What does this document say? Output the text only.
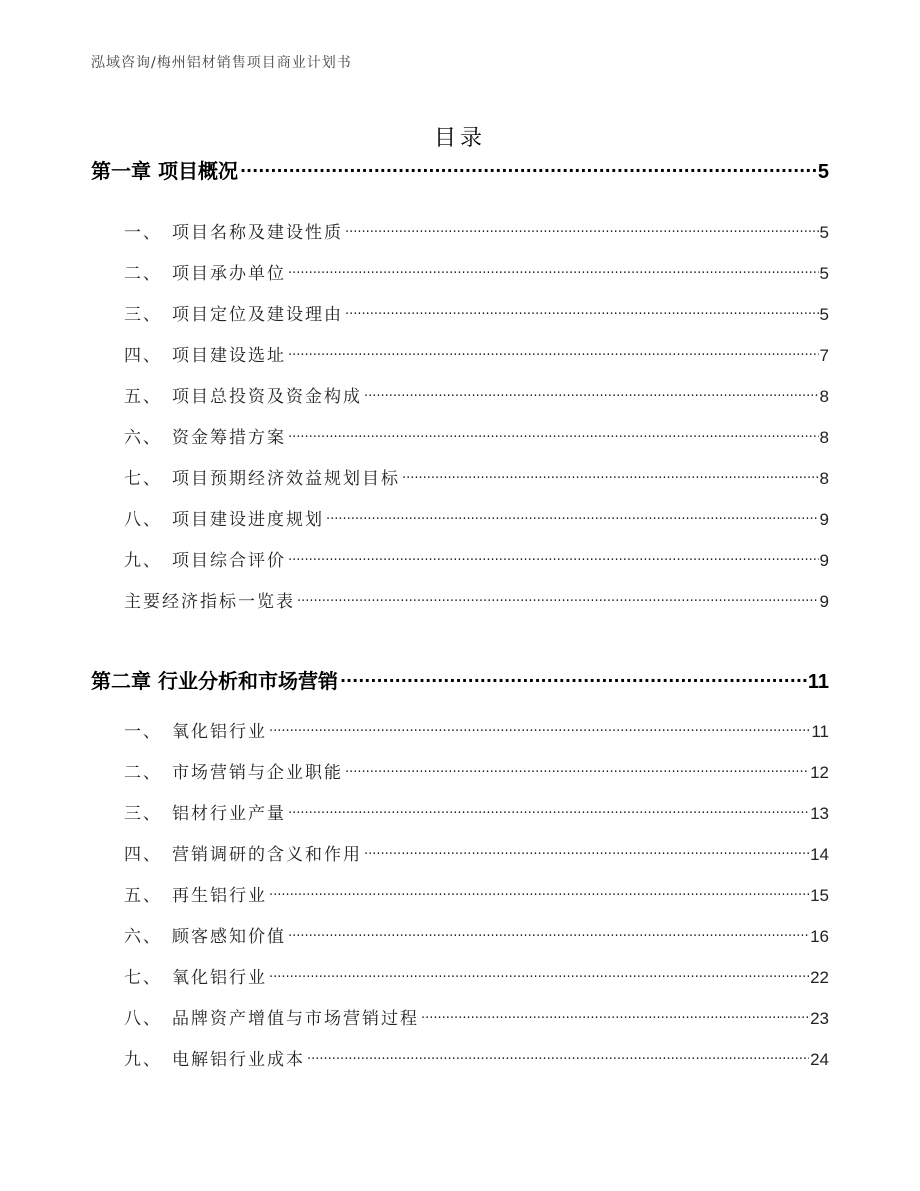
泓域咨询/梅州铝材销售项目商业计划书
目录
第一章 项目概况 .....	5
一、 项目名称及建设性质 .....	5
二、 项目承办单位 .....	5
三、 项目定位及建设理由 .....	5
四、 项目建设选址 .....	7
五、 项目总投资及资金构成 .....	8
六、 资金筹措方案 .....	8
七、 项目预期经济效益规划目标 .....	8
八、 项目建设进度规划 .....	9
九、 项目综合评价 .....	9
主要经济指标一览表 .....	9
第二章 行业分析和市场营销 .....	11
一、 氧化铝行业 .....	11
二、 市场营销与企业职能 .....	12
三、 铝材行业产量 .....	13
四、 营销调研的含义和作用 .....	14
五、 再生铝行业 .....	15
六、 顾客感知价值 .....	16
七、 氧化铝行业 .....	22
八、 品牌资产增值与市场营销过程 .....	23
九、 电解铝行业成本 .....	24
